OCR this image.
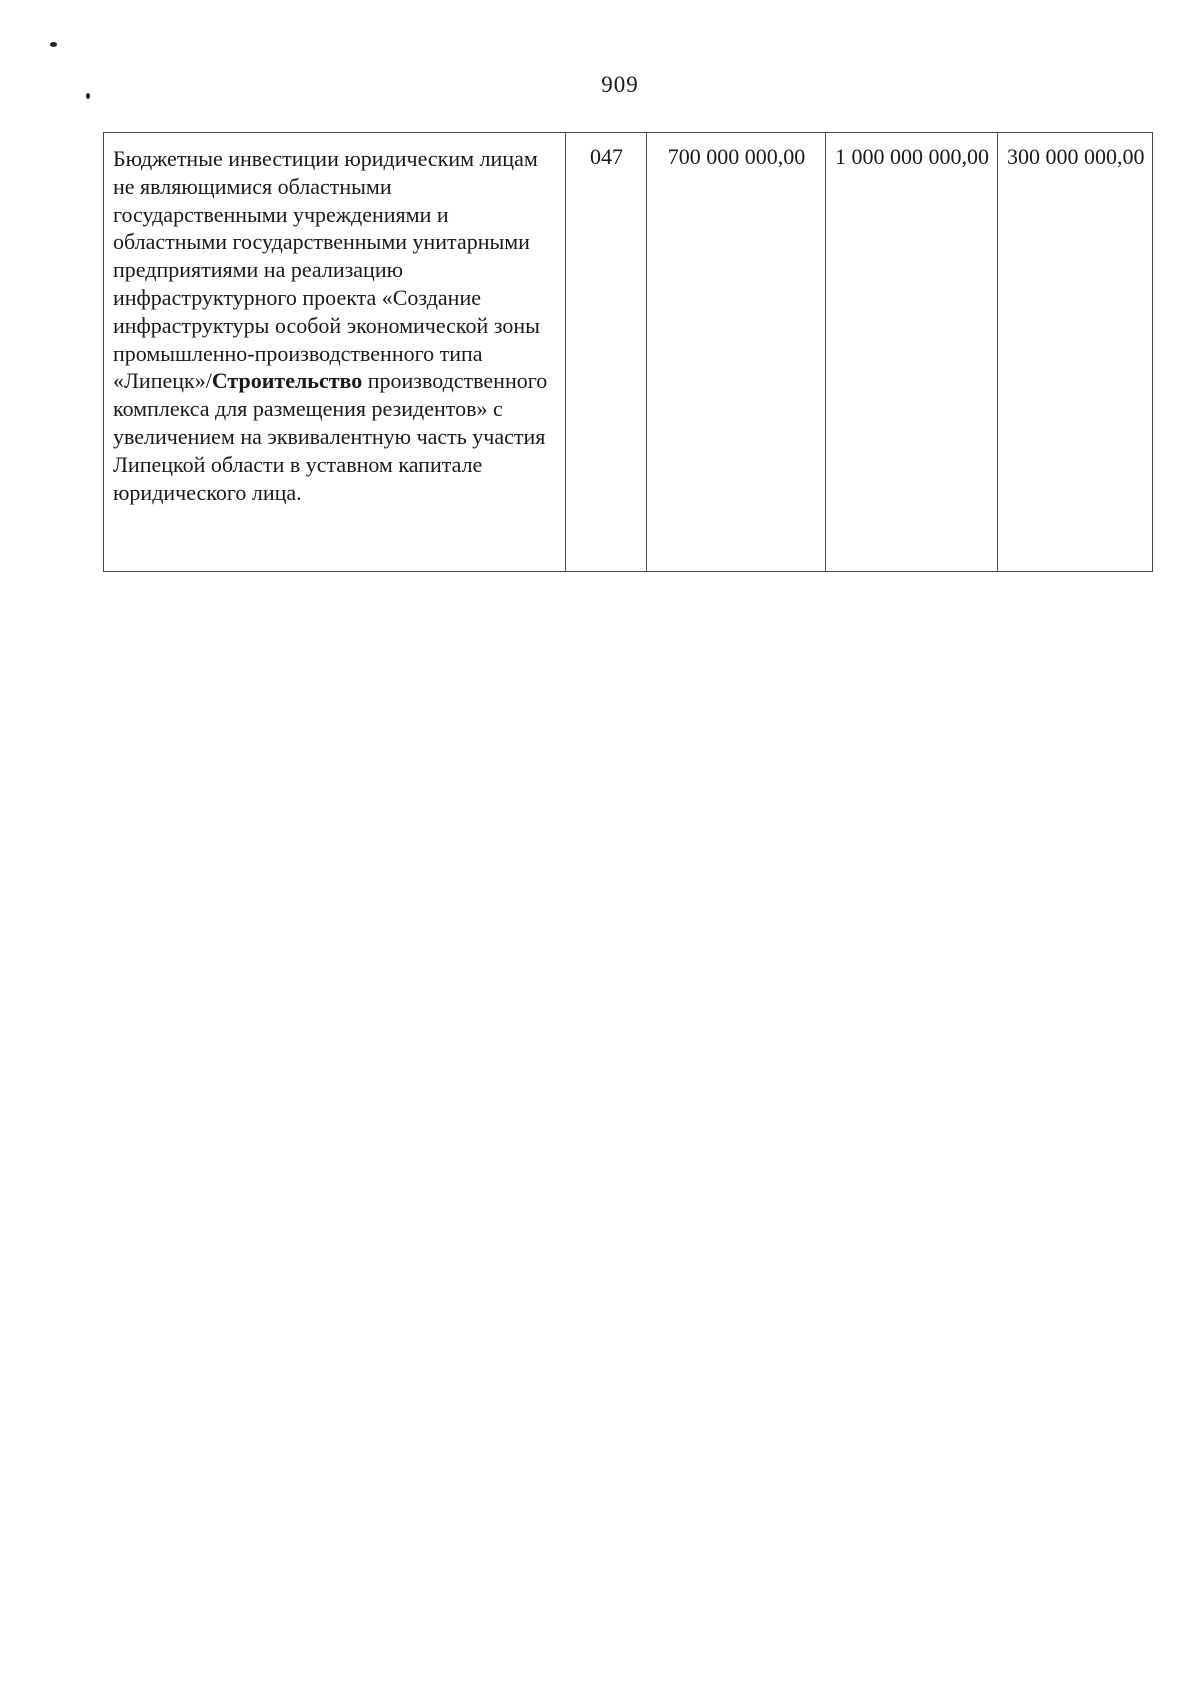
909
Бюджетные инвестиции юридическим лицам не являющимися областными государственными учреждениями и областными государственными унитарными предприятиями на реализацию инфраструктурного проекта «Создание инфраструктуры особой экономической зоны промышленно-производственного типа «Липецк»/Строительство производственного комплекса для размещения резидентов» с увеличением на эквивалентную часть участия Липецкой области в уставном капитале юридического лица.	047	700 000 000,00	1 000 000 000,00	300 000 000,00
